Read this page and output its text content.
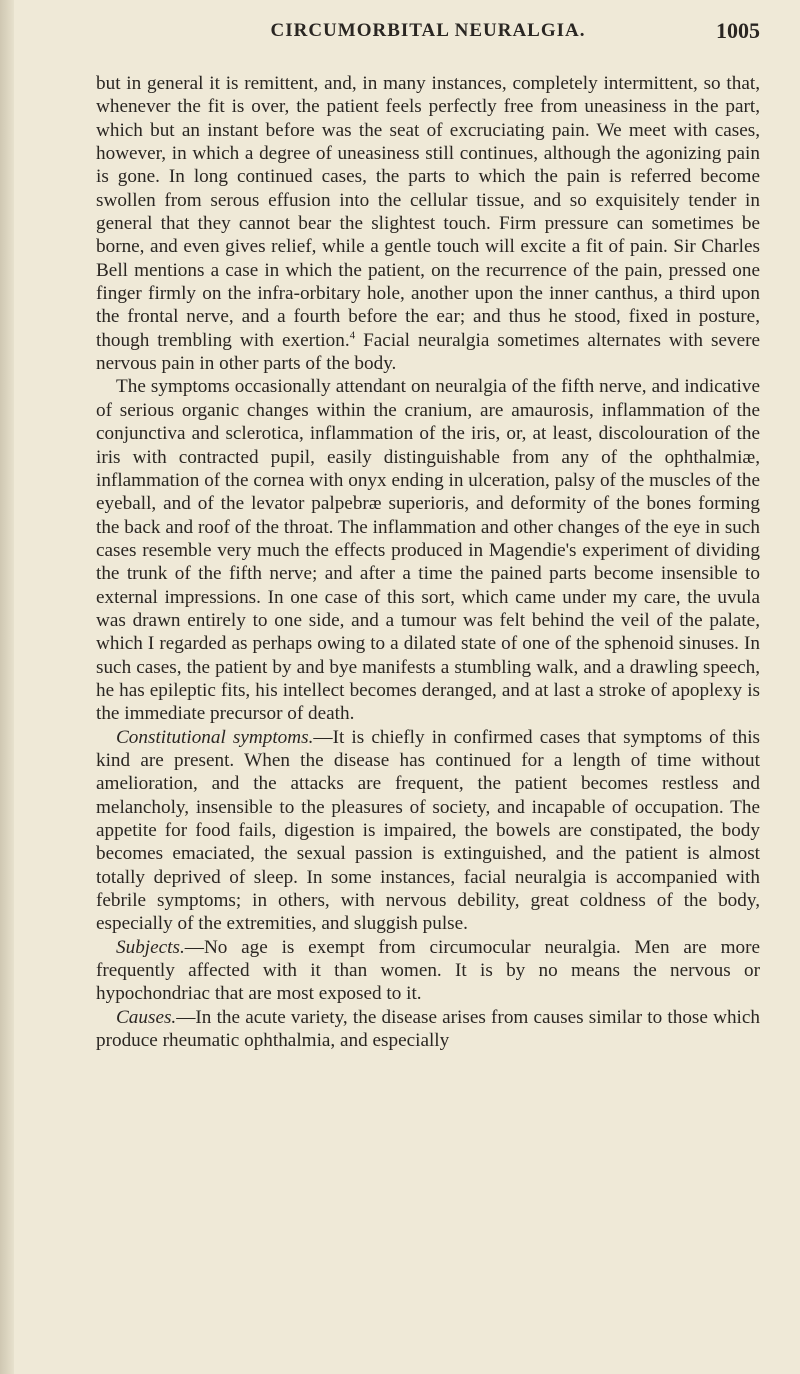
CIRCUMORBITAL NEURALGIA.	1005

but in general it is remittent, and, in many instances, completely intermittent, so that, whenever the fit is over, the patient feels perfectly free from uneasiness in the part, which but an instant before was the seat of excruciating pain. We meet with cases, however, in which a degree of uneasiness still continues, although the agonizing pain is gone. In long continued cases, the parts to which the pain is referred become swollen from serous effusion into the cellular tissue, and so exquisitely tender in general that they cannot bear the slightest touch. Firm pressure can sometimes be borne, and even gives relief, while a gentle touch will excite a fit of pain. Sir Charles Bell mentions a case in which the patient, on the recurrence of the pain, pressed one finger firmly on the infra-orbitary hole, another upon the inner canthus, a third upon the frontal nerve, and a fourth before the ear; and thus he stood, fixed in posture, though trembling with exertion.$^4$ Facial neuralgia sometimes alternates with severe nervous pain in other parts of the body.

The symptoms occasionally attendant on neuralgia of the fifth nerve, and indicative of serious organic changes within the cranium, are amaurosis, inflammation of the conjunctiva and sclerotica, inflammation of the iris, or, at least, discolouration of the iris with contracted pupil, easily distinguishable from any of the ophthalmiæ, inflammation of the cornea with onyx ending in ulceration, palsy of the muscles of the eyeball, and of the levator palpebræ superioris, and deformity of the bones forming the back and roof of the throat. The inflammation and other changes of the eye in such cases resemble very much the effects produced in Magendie's experiment of dividing the trunk of the fifth nerve; and after a time the pained parts become insensible to external impressions. In one case of this sort, which came under my care, the uvula was drawn entirely to one side, and a tumour was felt behind the veil of the palate, which I regarded as perhaps owing to a dilated state of one of the sphenoid sinuses. In such cases, the patient by and bye manifests a stumbling walk, and a drawling speech, he has epileptic fits, his intellect becomes deranged, and at last a stroke of apoplexy is the immediate precursor of death.

Constitutional symptoms.—It is chiefly in confirmed cases that symptoms of this kind are present. When the disease has continued for a length of time without amelioration, and the attacks are frequent, the patient becomes restless and melancholy, insensible to the pleasures of society, and incapable of occupation. The appetite for food fails, digestion is impaired, the bowels are constipated, the body becomes emaciated, the sexual passion is extinguished, and the patient is almost totally deprived of sleep. In some instances, facial neuralgia is accompanied with febrile symptoms; in others, with nervous debility, great coldness of the body, especially of the extremities, and sluggish pulse.

Subjects.—No age is exempt from circumocular neuralgia. Men are more frequently affected with it than women. It is by no means the nervous or hypochondriac that are most exposed to it.

Causes.—In the acute variety, the disease arises from causes similar to those which produce rheumatic ophthalmia, and especially
